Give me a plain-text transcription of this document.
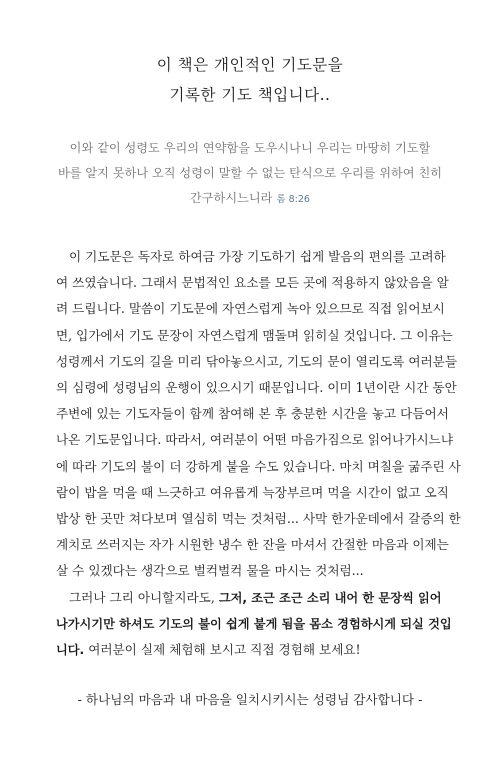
이 책은 개인적인 기도문을
기록한 기도 책입니다..
이와 같이 성령도 우리의 연약함을 도우시나니 우리는 마땅히 기도할
바를 알지 못하나 오직 성령이 말할 수 없는 탄식으로 우리를 위하여 친히
간구하시느니라 롬 8:26
이 기도문은 독자로 하여금 가장 기도하기 쉽게 발음의 편의를 고려하
여 쓰였습니다. 그래서 문법적인 요소를 모든 곳에 적용하지 않았음을 알
려 드립니다. 말씀이 기도문에 자연스럽게 녹아 있으므로 직접 읽어보시
면, 입가에서 기도 문장이 자연스럽게 맴돌며 읽히실 것입니다. 그 이유는
성령께서 기도의 길을 미리 닦아놓으시고, 기도의 문이 열리도록 여러분들
의 심령에 성령님의 운행이 있으시기 때문입니다. 이미 1년이란 시간 동안
주변에 있는 기도자들이 함께 참여해 본 후 충분한 시간을 놓고 다듬어서
나온 기도문입니다. 따라서, 여러분이 어떤 마음가짐으로 읽어나가시느냐
에 따라 기도의 불이 더 강하게 붙을 수도 있습니다. 마치 며칠을 굶주린 사
람이 밥을 먹을 때 느긋하고 여유롭게 늑장부르며 먹을 시간이 없고 오직
밥상 한 곳만 쳐다보며 열심히 먹는 것처럼... 사막 한가운데에서 갈증의 한
계치로 쓰러지는 자가 시원한 냉수 한 잔을 마셔서 간절한 마음과 이제는
살 수 있겠다는 생각으로 벌컥벌컥 물을 마시는 것처럼...
그러나 그리 아니할지라도, 그저, 조근 조근 소리 내어 한 문장씩 읽어
나가시기만 하셔도 기도의 불이 쉽게 붙게 됨을 몸소 경험하시게 되실 것입
니다. 여러분이 실제 체험해 보시고 직접 경험해 보세요!
- 하나님의 마음과 내 마음을 일치시키시는 성령님 감사합니다 -
